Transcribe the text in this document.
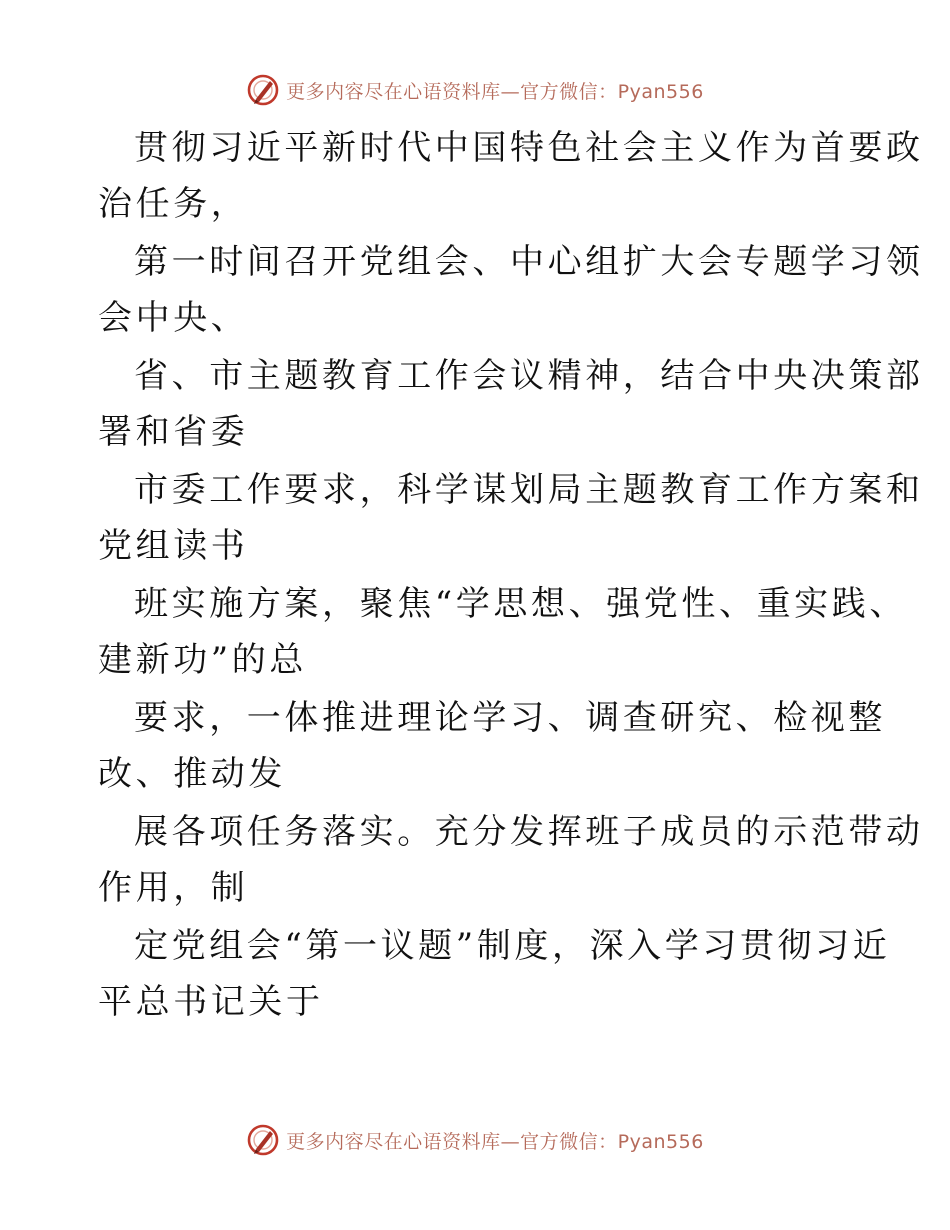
更多内容尽在心语资料库—官方微信：Pyan556
贯彻习近平新时代中国特色社会主义作为首要政
治任务，
第一时间召开党组会、中心组扩大会专题学习领
会中央、
省、市主题教育工作会议精神，结合中央决策部
署和省委
市委工作要求，科学谋划局主题教育工作方案和
党组读书
班实施方案，聚焦“学思想、强党性、重实践、
建新功”的总
要求，一体推进理论学习、调查研究、检视整
改、推动发
展各项任务落实。充分发挥班子成员的示范带动
作用，制
定党组会“第一议题”制度，深入学习贯彻习近
平总书记关于
更多内容尽在心语资料库—官方微信：Pyan556
